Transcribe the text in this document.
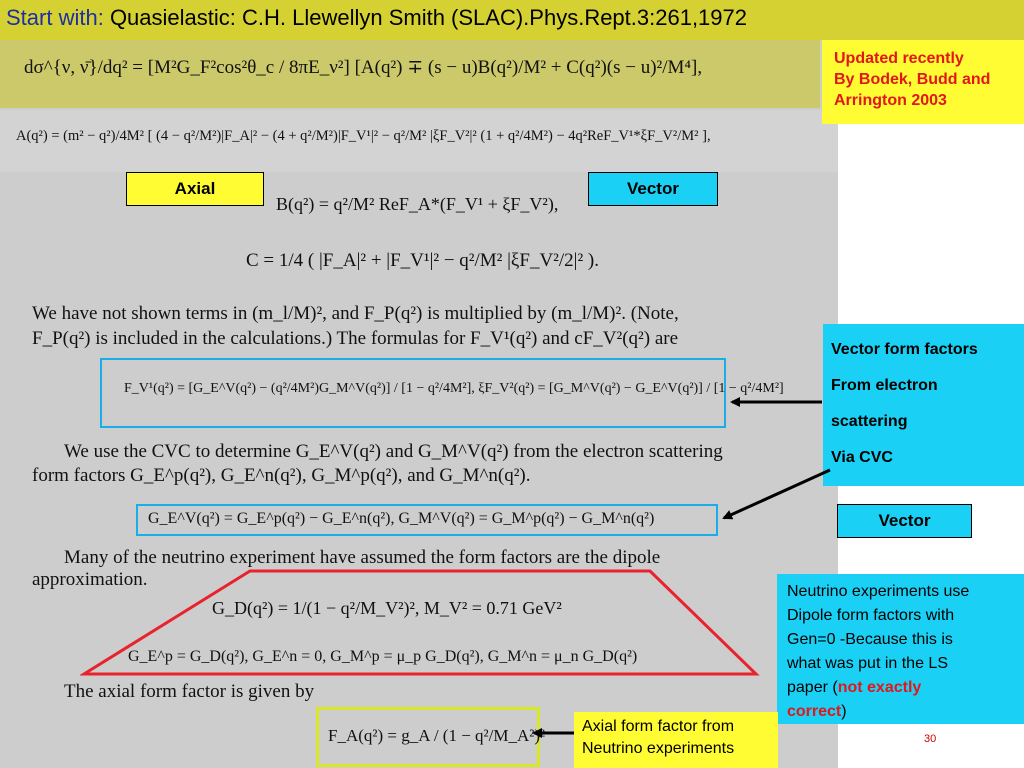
Start with: Quasielastic: C.H. Llewellyn Smith (SLAC).Phys.Rept.3:261,1972
dσ^{ν, ν̄}/dq² = [M²G_F²cos²θ_c / 8πE_ν²] [A(q²) ∓ (s − u)B(q²)/M² + C(q²)(s − u)²/M⁴],
A(q²) = (m² − q²)/4M² [ (4 − q²/M²)|F_A|² − (4 + q²/M²)|F_V¹|² − q²/M² |ξF_V²|² (1 + q²/4M²) − 4q²ReF_V¹*ξF_V²/M² ],
B(q²) = q²/M² ReF_A*(F_V¹ + ξF_V²),
C = 1/4 ( |F_A|² + |F_V¹|² − q²/M² |ξF_V²/2|² ).
Axial	Vector
Updated recently
By Bodek, Budd and
Arrington 2003
We have not shown terms in (m_l/M)², and F_P(q²) is multiplied by (m_l/M)². (Note,
F_P(q²) is included in the calculations.) The formulas for F_V¹(q²) and cF_V²(q²) are
F_V¹(q²) = [G_E^V(q²) − (q²/4M²)G_M^V(q²)] / [1 − q²/4M²], ξF_V²(q²) = [G_M^V(q²) − G_E^V(q²)] / [1 − q²/4M²]
We use the CVC to determine G_E^V(q²) and G_M^V(q²) from the electron scattering
form factors G_E^p(q²), G_E^n(q²), G_M^p(q²), and G_M^n(q²).
G_E^V(q²) = G_E^p(q²) − G_E^n(q²), G_M^V(q²) = G_M^p(q²) − G_M^n(q²)
Many of the neutrino experiment have assumed the form factors are the dipole
approximation.
G_D(q²) = 1/(1 − q²/M_V²)², M_V² = 0.71 GeV²
G_E^p = G_D(q²), G_E^n = 0, G_M^p = μ_p G_D(q²), G_M^n = μ_n G_D(q²)
The axial form factor is given by
F_A(q²) = g_A / (1 − q²/M_A²)²
Vector form factors
From electron
scattering
Via CVC
Vector
Neutrino experiments use
Dipole form factors with
Gen=0 -Because this is
what was put in the LS
paper (not exactly
correct)
Axial form factor from
Neutrino experiments
30
